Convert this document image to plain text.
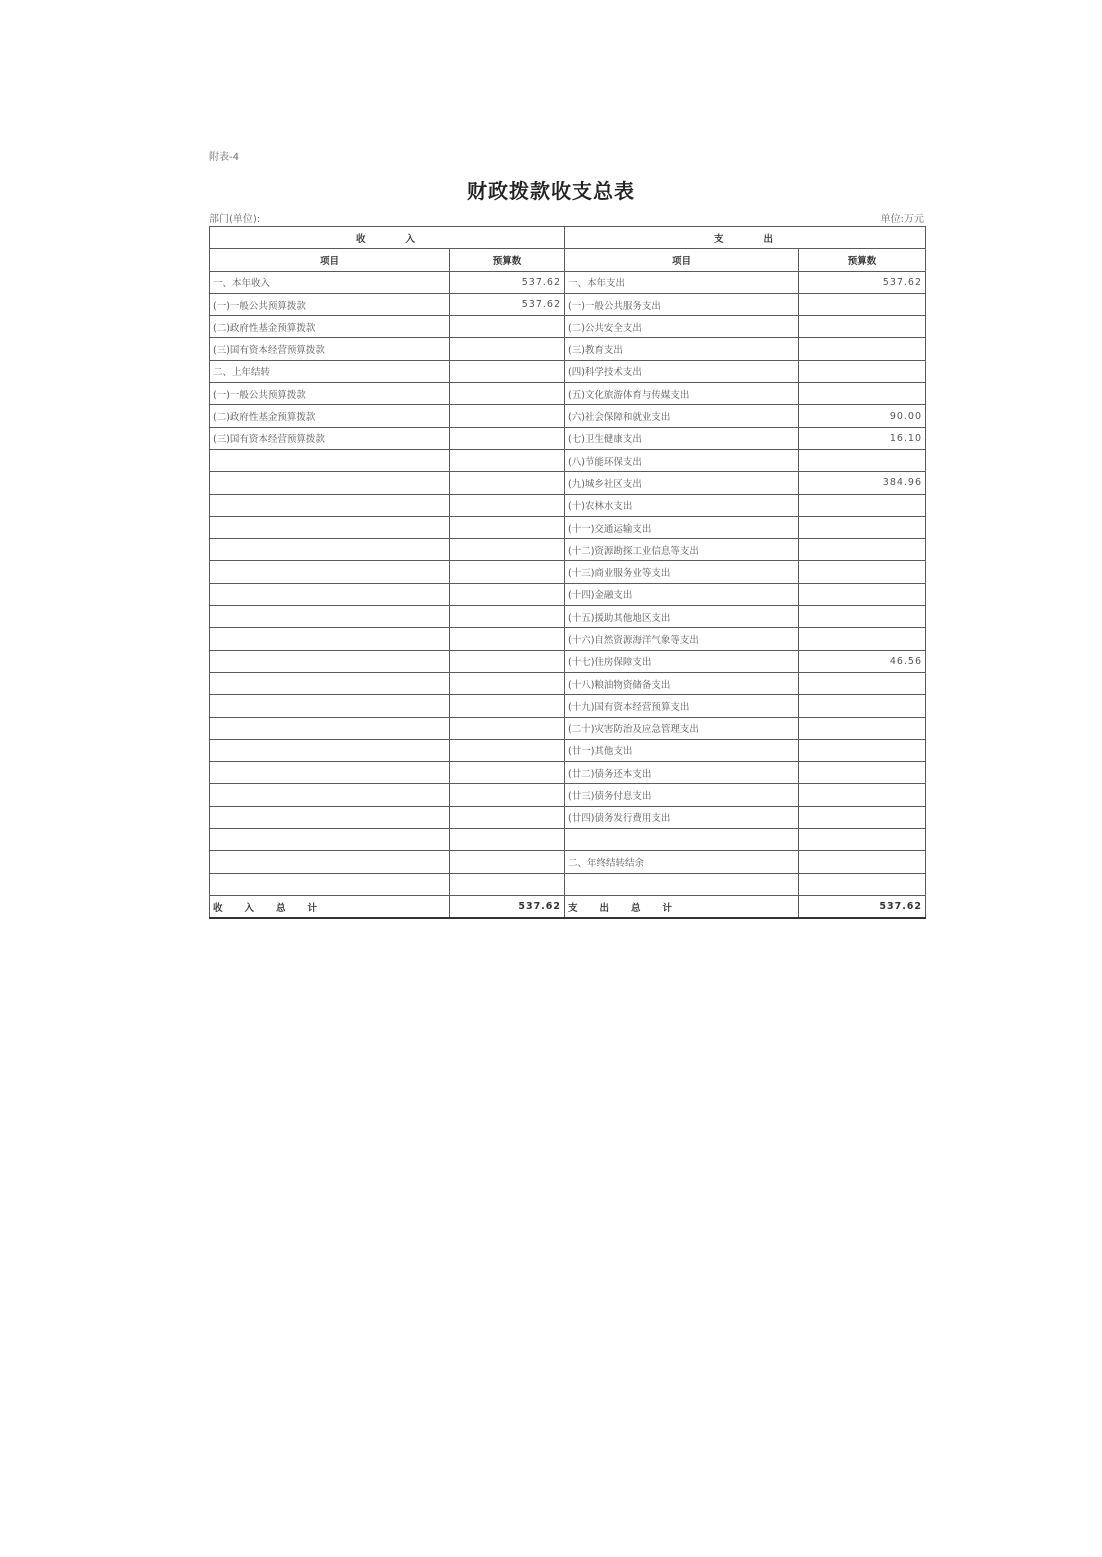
附表-4
财政拨款收支总表
部门(单位):	单位:万元
收入		支出	
项目	预算数	项目	预算数
一、本年收入	537.62	一、本年支出	537.62
(一)一般公共预算拨款	537.62	(一)一般公共服务支出	
(二)政府性基金预算拨款		(二)公共安全支出	
(三)国有资本经营预算拨款		(三)教育支出	
二、上年结转		(四)科学技术支出	
(一)一般公共预算拨款		(五)文化旅游体育与传媒支出	
(二)政府性基金预算拨款		(六)社会保障和就业支出	90.00
(三)国有资本经营预算拨款		(七)卫生健康支出	16.10
		(八)节能环保支出	
		(九)城乡社区支出	384.96
		(十)农林水支出	
		(十一)交通运输支出	
		(十二)资源勘探工业信息等支出	
		(十三)商业服务业等支出	
		(十四)金融支出	
		(十五)援助其他地区支出	
		(十六)自然资源海洋气象等支出	
		(十七)住房保障支出	46.56
		(十八)粮油物资储备支出	
		(十九)国有资本经营预算支出	
		(二十)灾害防治及应急管理支出	
		(廿一)其他支出	
		(廿二)债务还本支出	
		(廿三)债务付息支出	
		(廿四)债务发行费用支出	

		二、年终结转结余	

收入总计	537.62	支出总计	537.62
